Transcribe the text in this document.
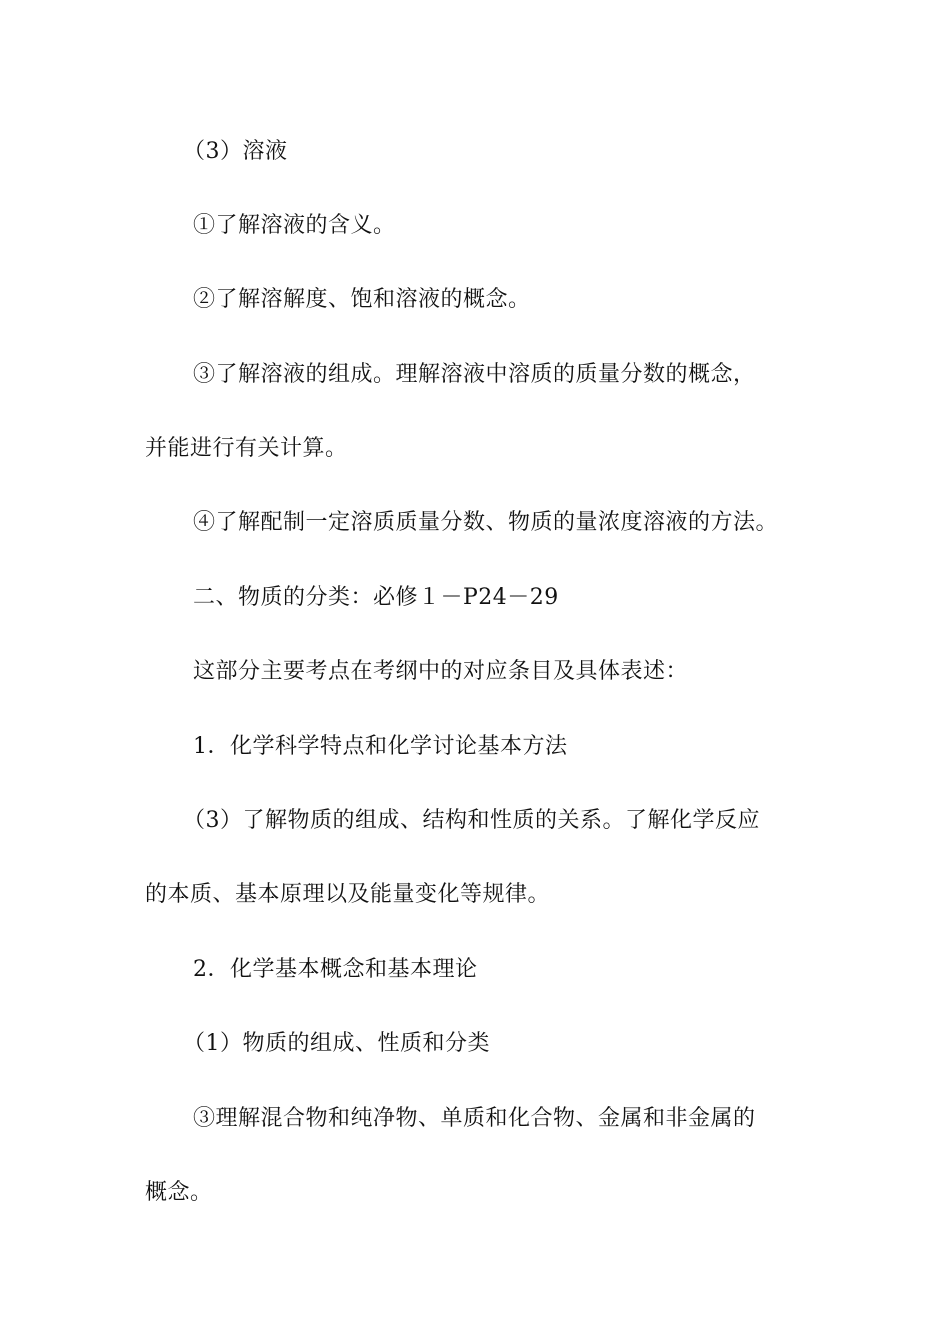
（3）溶液
①了解溶液的含义。
②了解溶解度、饱和溶液的概念。
③了解溶液的组成。理解溶液中溶质的质量分数的概念，
并能进行有关计算。
④了解配制一定溶质质量分数、物质的量浓度溶液的方法。
二、物质的分类：必修１－P24－29
这部分主要考点在考纲中的对应条目及具体表述：
1．化学科学特点和化学讨论基本方法
（3）了解物质的组成、结构和性质的关系。了解化学反应
的本质、基本原理以及能量变化等规律。
2．化学基本概念和基本理论
（1）物质的组成、性质和分类
③理解混合物和纯净物、单质和化合物、金属和非金属的
概念。
